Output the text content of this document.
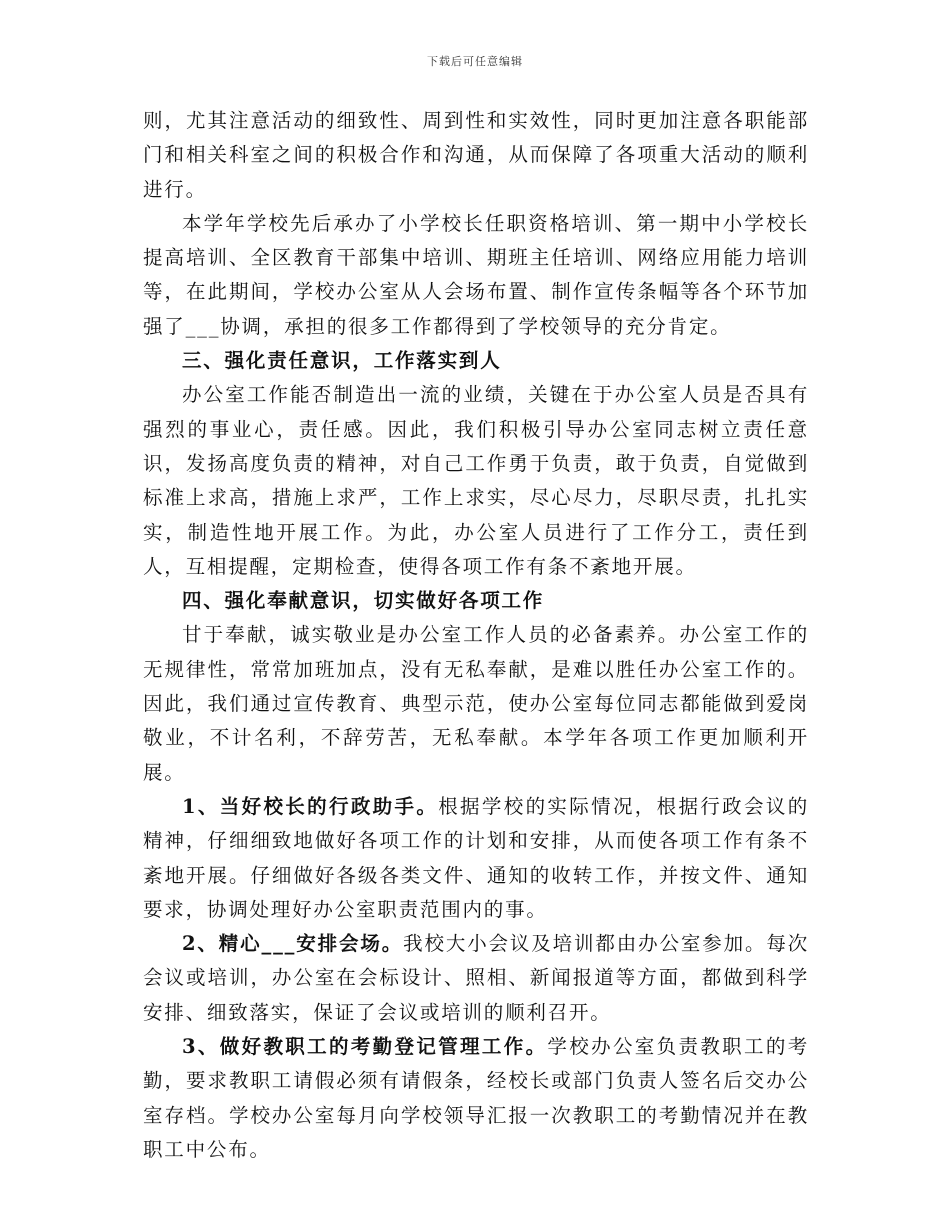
下载后可任意编辑

则，尤其注意活动的细致性、周到性和实效性，同时更加注意各职能部门和相关科室之间的积极合作和沟通，从而保障了各项重大活动的顺利进行。

本学年学校先后承办了小学校长任职资格培训、第一期中小学校长提高培训、全区教育干部集中培训、期班主任培训、网络应用能力培训等，在此期间，学校办公室从人会场布置、制作宣传条幅等各个环节加强了___协调，承担的很多工作都得到了学校领导的充分肯定。

三、强化责任意识，工作落实到人

办公室工作能否制造出一流的业绩，关键在于办公室人员是否具有强烈的事业心，责任感。因此，我们积极引导办公室同志树立责任意识，发扬高度负责的精神，对自己工作勇于负责，敢于负责，自觉做到标准上求高，措施上求严，工作上求实，尽心尽力，尽职尽责，扎扎实实，制造性地开展工作。为此，办公室人员进行了工作分工，责任到人，互相提醒，定期检查，使得各项工作有条不紊地开展。

四、强化奉献意识，切实做好各项工作

甘于奉献，诚实敬业是办公室工作人员的必备素养。办公室工作的无规律性，常常加班加点，没有无私奉献，是难以胜任办公室工作的。因此，我们通过宣传教育、典型示范，使办公室每位同志都能做到爱岗敬业，不计名利，不辞劳苦，无私奉献。本学年各项工作更加顺利开展。

1、当好校长的行政助手。根据学校的实际情况，根据行政会议的精神，仔细细致地做好各项工作的计划和安排，从而使各项工作有条不紊地开展。仔细做好各级各类文件、通知的收转工作，并按文件、通知要求，协调处理好办公室职责范围内的事。

2、精心___安排会场。我校大小会议及培训都由办公室参加。每次会议或培训，办公室在会标设计、照相、新闻报道等方面，都做到科学安排、细致落实，保证了会议或培训的顺利召开。

3、做好教职工的考勤登记管理工作。学校办公室负责教职工的考勤，要求教职工请假必须有请假条，经校长或部门负责人签名后交办公室存档。学校办公室每月向学校领导汇报一次教职工的考勤情况并在教职工中公布。
